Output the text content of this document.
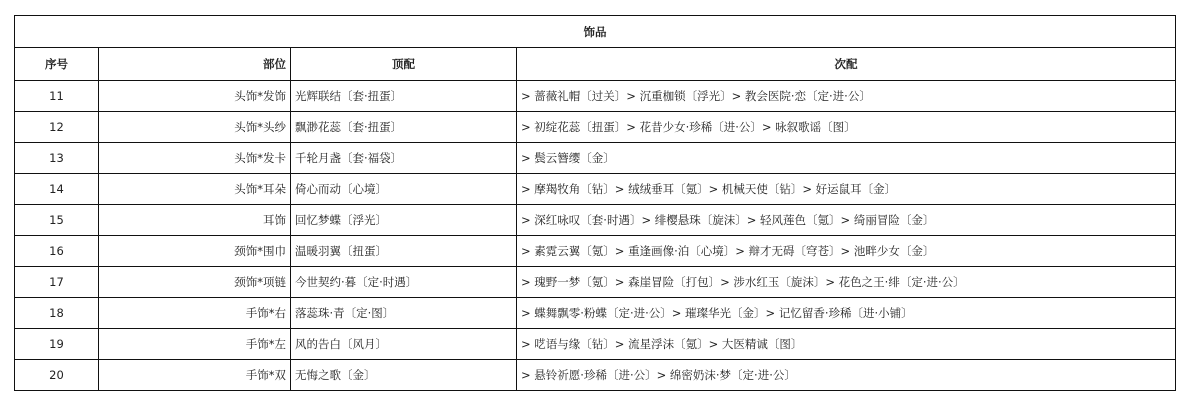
饰品			
序号	部位	顶配	次配
11	头饰*发饰	光辉联结〔套·扭蛋〕	> 蔷薇礼帽〔过关〕> 沉重枷锁〔浮光〕> 教会医院·恋〔定·进·公〕
12	头饰*头纱	飘渺花蕊〔套·扭蛋〕	> 初绽花蕊〔扭蛋〕> 花昔少女·珍稀〔进·公〕> 咏叙歌谣〔图〕
13	头饰*发卡	千轮月盏〔套·福袋〕	> 鬓云簪缨〔金〕
14	头饰*耳朵	倚心而动〔心境〕	> 摩羯牧角〔钻〕> 绒绒垂耳〔氪〕> 机械天使〔钻〕> 好运鼠耳〔金〕
15	耳饰	回忆梦蝶〔浮光〕	> 深红咏叹〔套·时遇〕> 绯樱悬珠〔旋沫〕> 轻风莲色〔氪〕> 绮丽冒险〔金〕
16	颈饰*围巾	温暖羽翼〔扭蛋〕	> 素霓云翼〔氪〕> 重逢画像·泊〔心境〕> 辩才无碍〔穹苍〕> 池畔少女〔金〕
17	颈饰*项链	今世契约·暮〔定·时遇〕	> 瑰野一梦〔氪〕> 森崖冒险〔打包〕> 涉水红玉〔旋沫〕> 花色之王·绯〔定·进·公〕
18	手饰*右	落蕊珠·青〔定·图〕	> 蝶舞飘零·粉蝶〔定·进·公〕> 璀璨华光〔金〕> 记忆留香·珍稀〔进·小铺〕
19	手饰*左	风的告白〔风月〕	> 呓语与缘〔钻〕> 流星浮沫〔氪〕> 大医精诚〔图〕
20	手饰*双	无悔之歌〔金〕	> 悬铃祈愿·珍稀〔进·公〕> 绵密奶沫·梦〔定·进·公〕
